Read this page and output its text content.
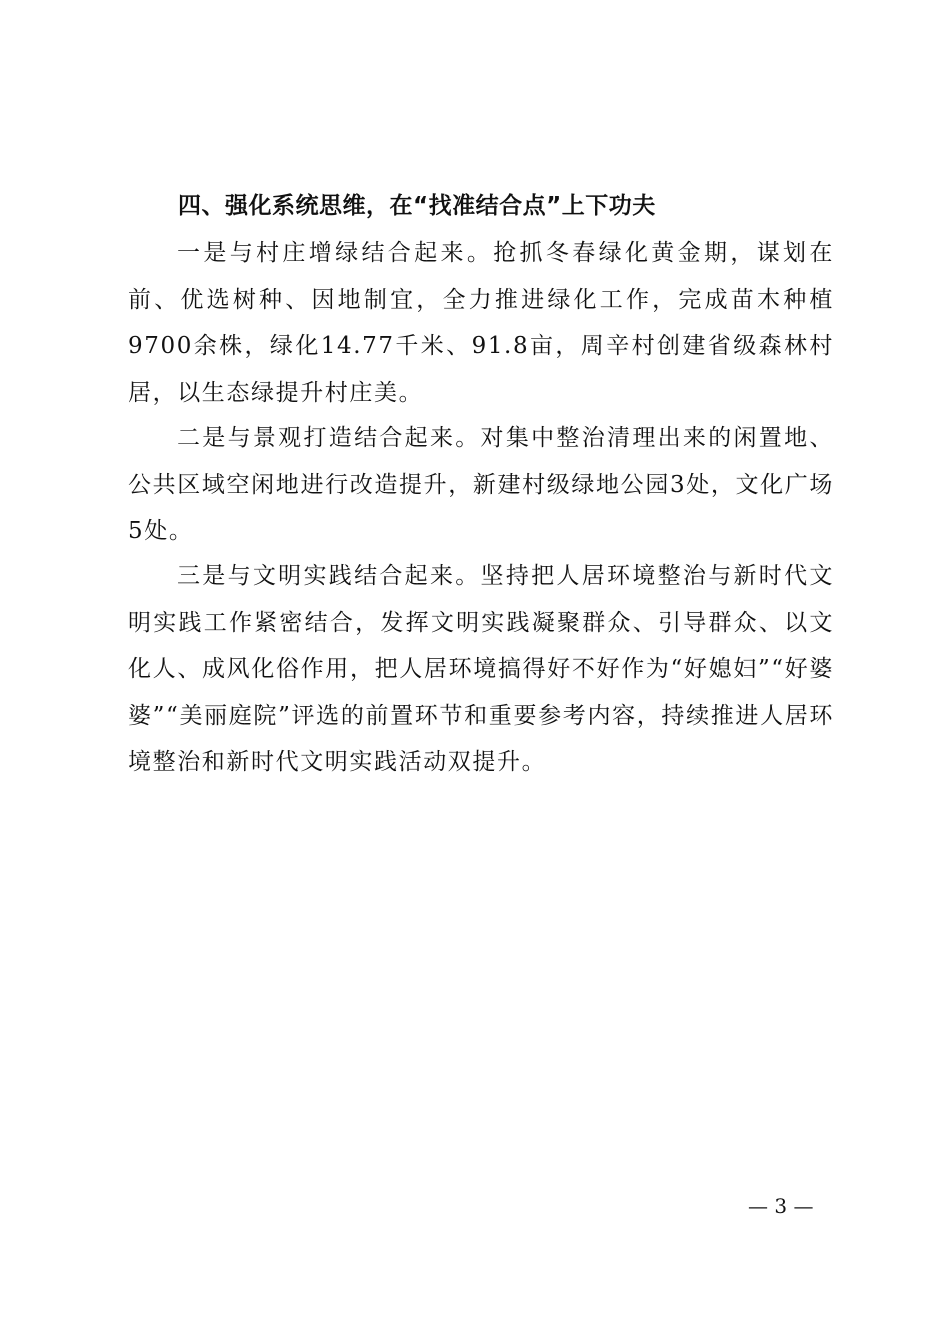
四、强化系统思维，在“找准结合点”上下功夫

一是与村庄增绿结合起来。抢抓冬春绿化黄金期，谋划在前、优选树种、因地制宜，全力推进绿化工作，完成苗木种植9700余株，绿化14.77千米、91.8亩，周辛村创建省级森林村居，以生态绿提升村庄美。

二是与景观打造结合起来。对集中整治清理出来的闲置地、公共区域空闲地进行改造提升，新建村级绿地公园3处，文化广场5处。

三是与文明实践结合起来。坚持把人居环境整治与新时代文明实践工作紧密结合，发挥文明实践凝聚群众、引导群众、以文化人、成风化俗作用，把人居环境搞得好不好作为“好媳妇”“好婆婆”“美丽庭院”评选的前置环节和重要参考内容，持续推进人居环境整治和新时代文明实践活动双提升。

— 3 —
